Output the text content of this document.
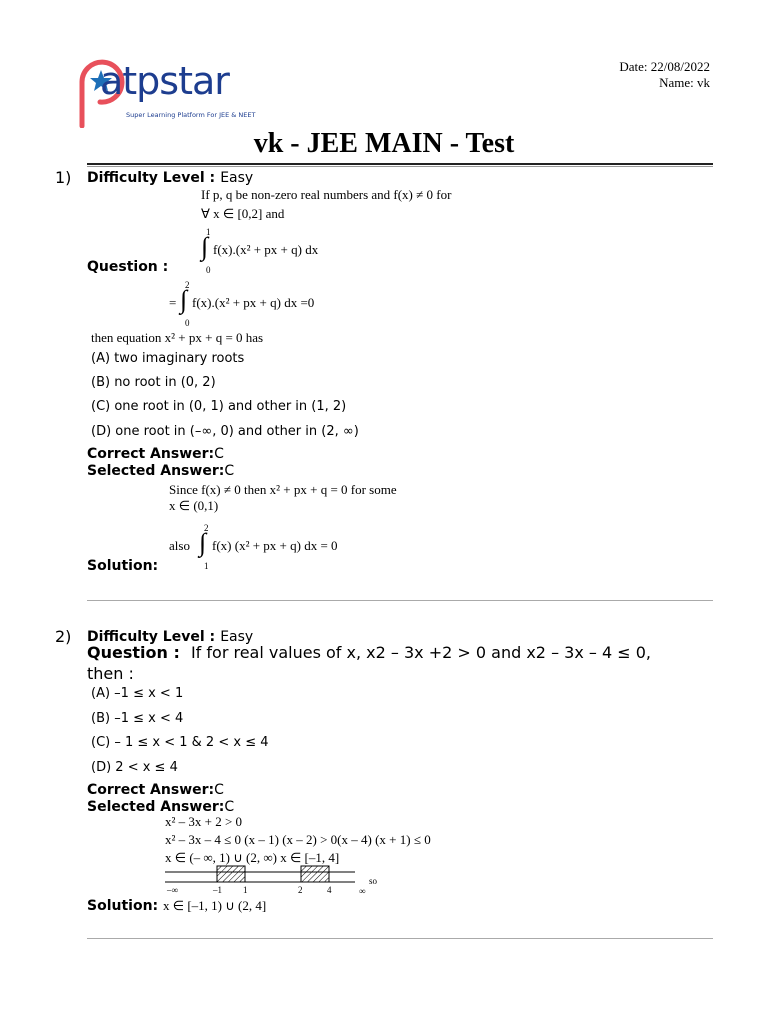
atpstar
Super Learning Platform For JEE & NEET
Date: 22/08/2022
Name: vk
vk - JEE MAIN - Test
1) Difficulty Level : Easy
If p, q be non-zero real numbers and f(x) ≠ 0 for
∀ x ∈ [0,2] and
1
∫
0
f(x).(x² + px + q) dx
Question :
=
2
∫
0
f(x).(x² + px + q) dx =0
then equation x² + px + q = 0 has
(A) two imaginary roots
(B) no root in (0, 2)
(C) one root in (0, 1) and other in (1, 2)
(D) one root in (–∞, 0) and other in (2, ∞)
Correct Answer:C
Selected Answer:C
Since f(x) ≠ 0 then x² + px + q = 0 for some
x ∈ (0,1)
also
2
∫
1
f(x) (x² + px + q) dx = 0
Solution:
2) Difficulty Level : Easy
Question : If for real values of x, x2 – 3x +2 > 0 and x2 – 3x – 4 ≤ 0,
then :
(A) –1 ≤ x < 1
(B) –1 ≤ x < 4
(C) – 1 ≤ x < 1 & 2 < x ≤ 4
(D) 2 < x ≤ 4
Correct Answer:C
Selected Answer:C
x² – 3x + 2 > 0
x² – 3x – 4 ≤ 0 (x – 1) (x – 2) > 0(x – 4) (x + 1) ≤ 0
x ∈ (– ∞, 1) ∪ (2, ∞) x ∈ [–1, 4]
–∞	–1 1	2	4	∞
so
Solution: x ∈ [–1, 1) ∪ (2, 4]
